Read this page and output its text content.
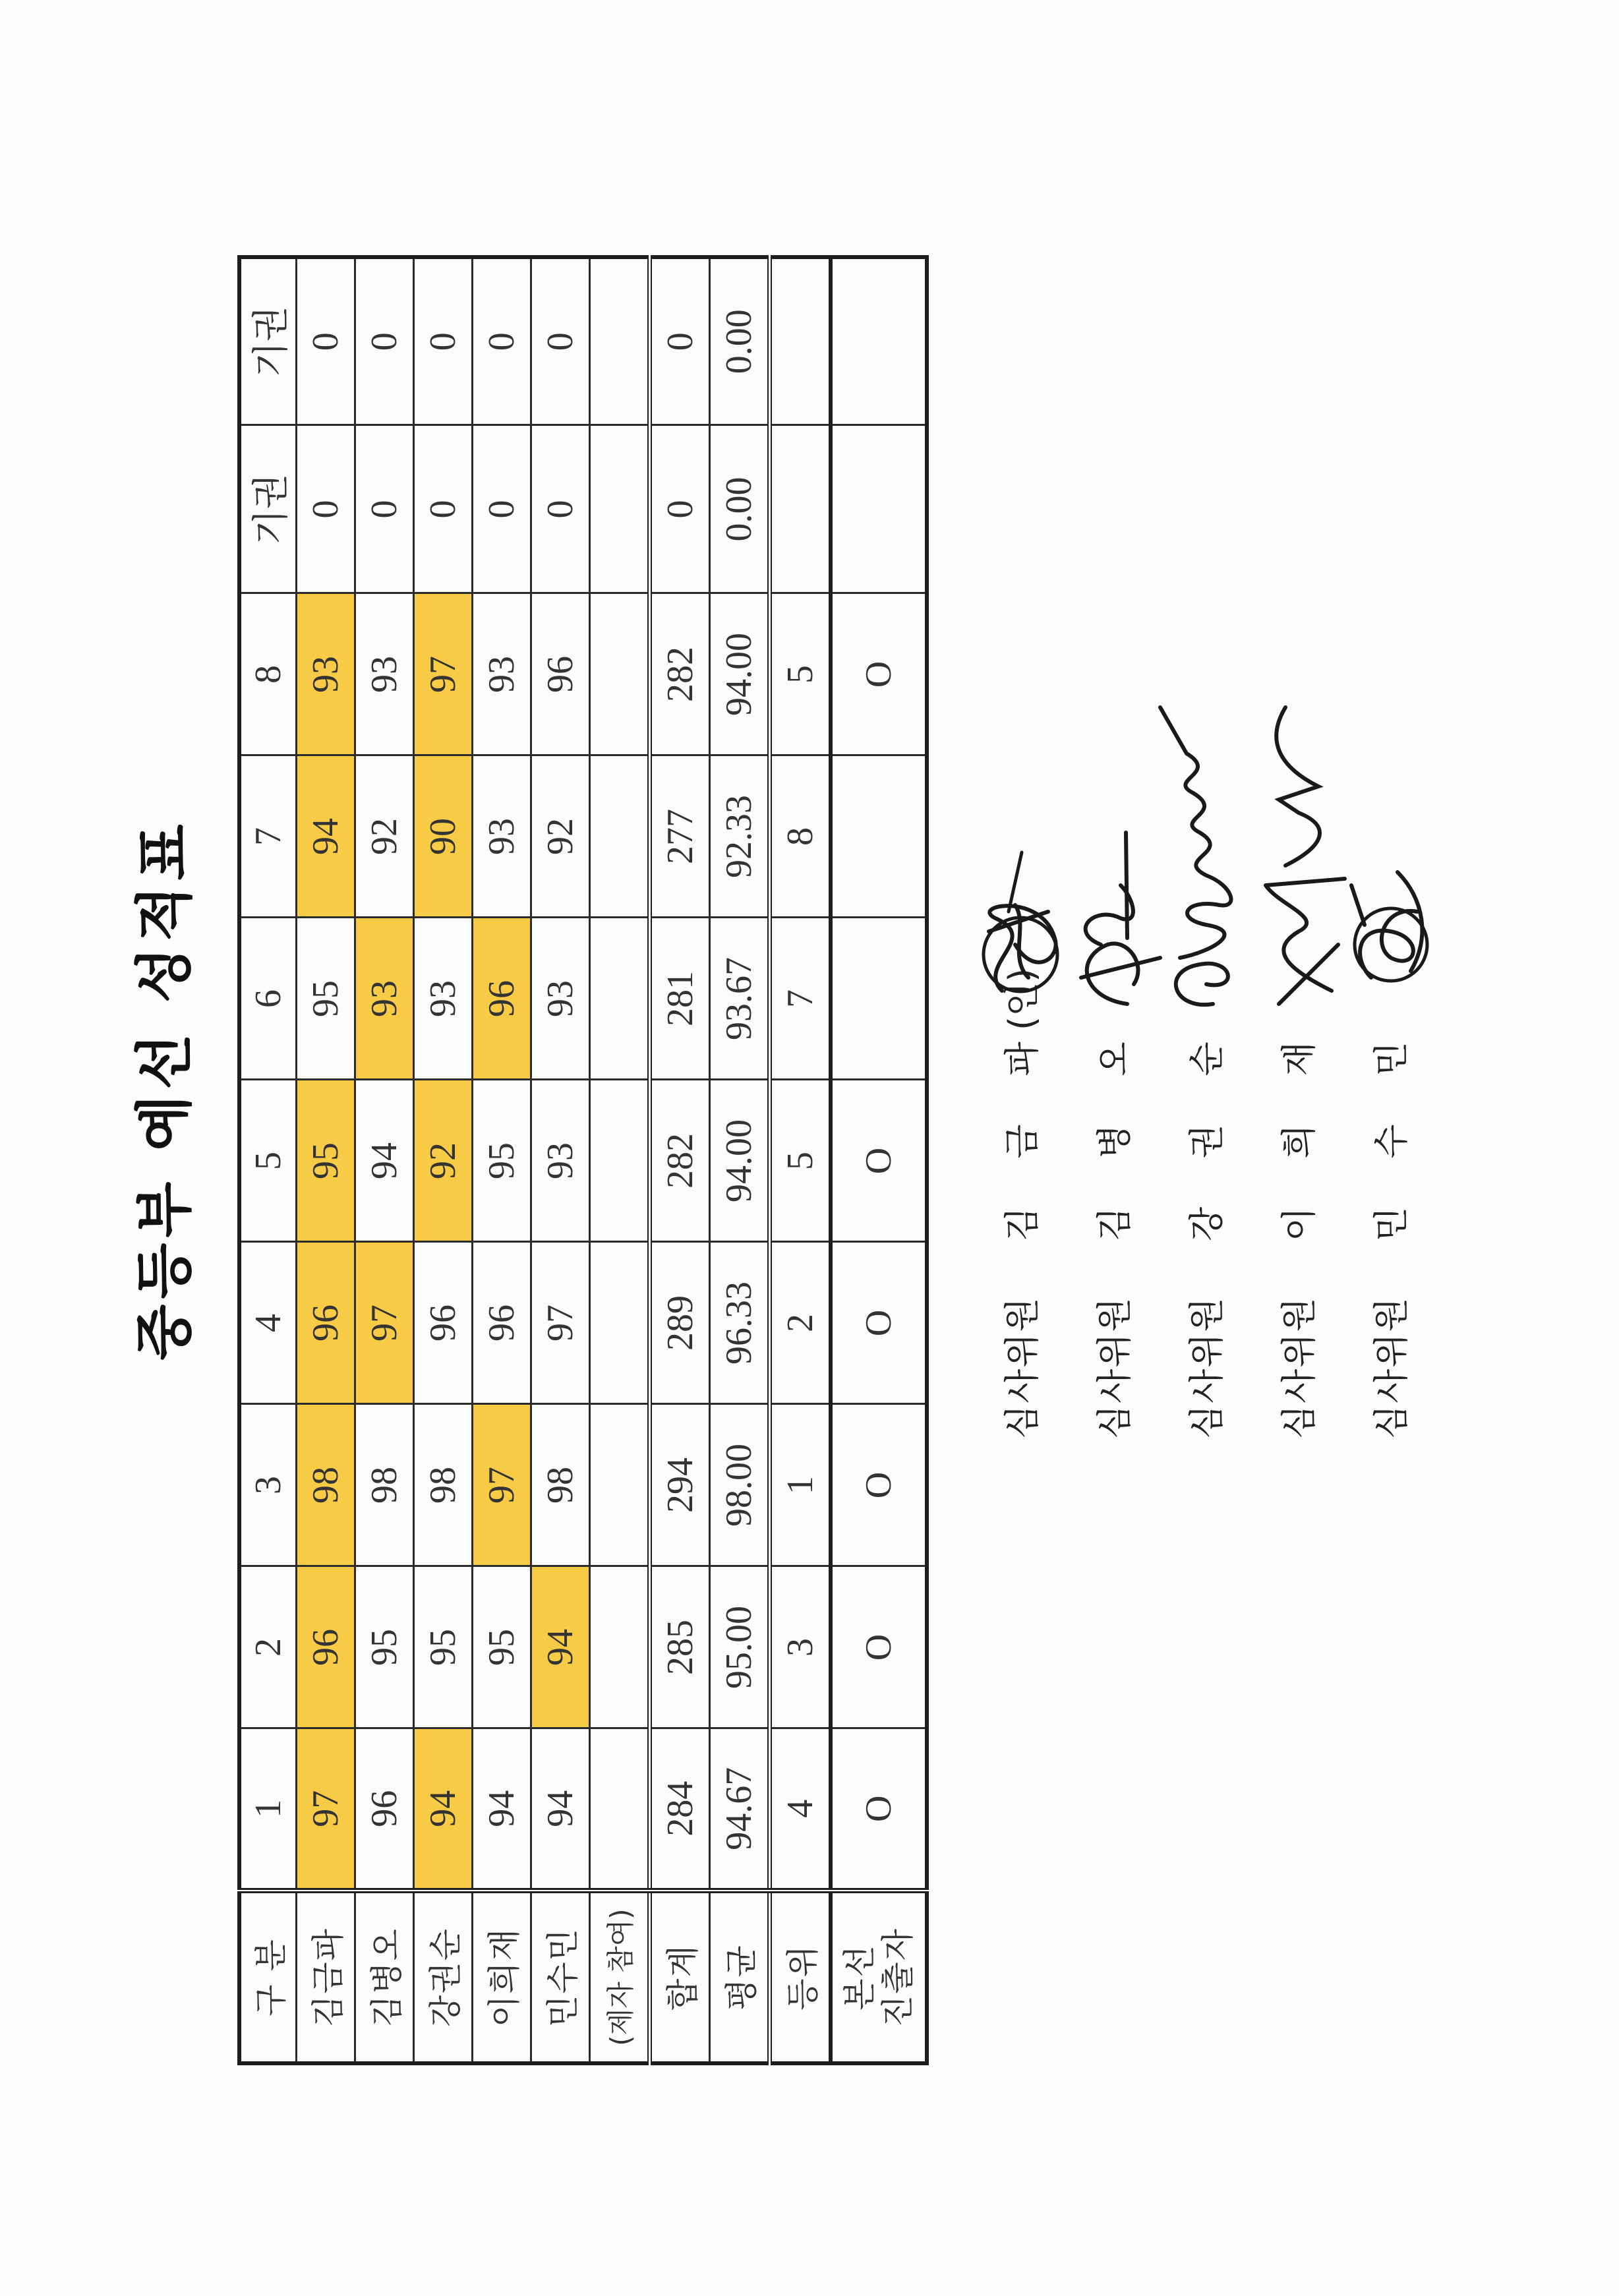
중등부 예선 성적표
구 분	1	2	3	4	5	6	7	8	기권	기권
김금파	97	96	98	96	95	95	94	93	0	0
김병오	96	95	98	97	94	93	92	93	0	0
강권순	94	95	98	96	92	93	90	97	0	0
이희재	94	95	97	96	95	96	93	93	0	0
민수민	94	94	98	97	93	93	92	96	0	0
(제자 참여)										
합계	284	285	294	289	282	281	277	282	0	0
평균	94.67	95.00	98.00	96.33	94.00	93.67	92.33	94.00	0.00	0.00
등위	4	3	1	2	5	7	8	5		

본선 진출자	O	O	O	O	O			O		
심사위원
김 금 파
(인)
심사위원
김 병 오
심사위원
강 권 순
심사위원
이 희 재
심사위원
민 수 민
